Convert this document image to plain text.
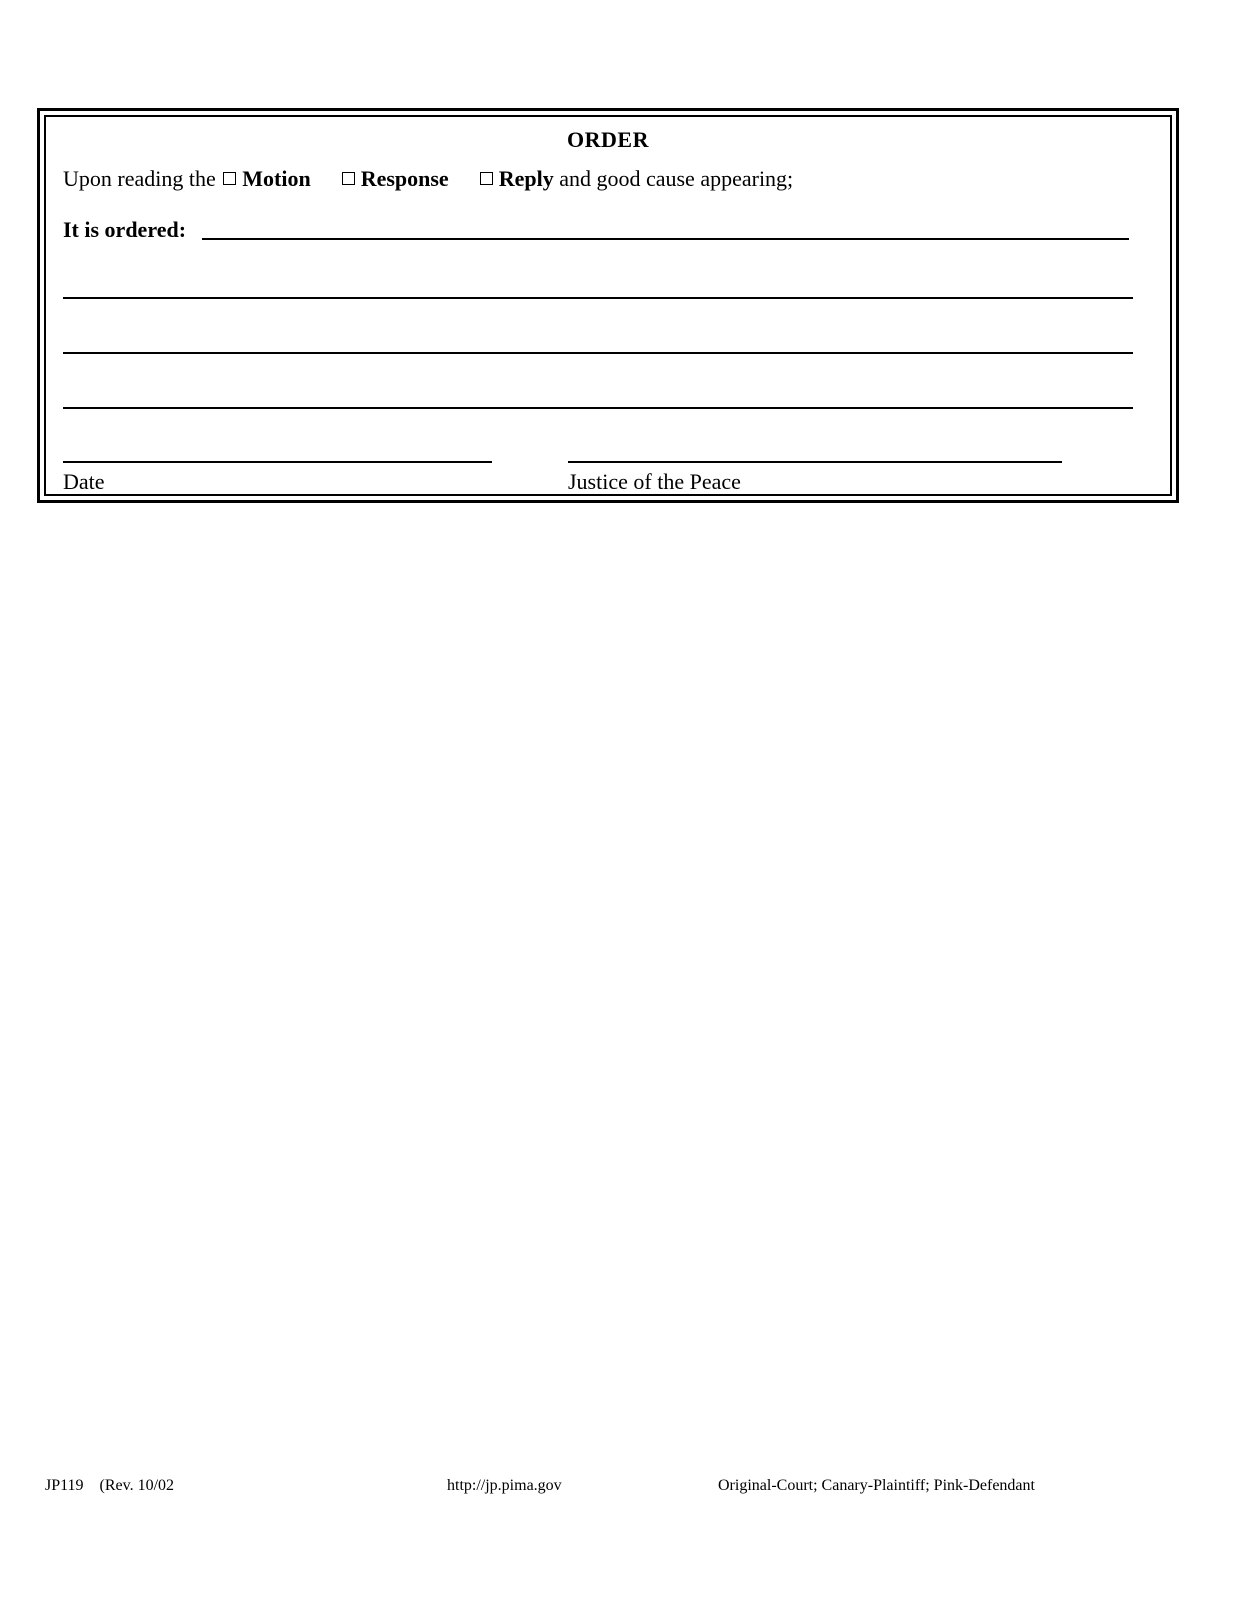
ORDER
Upon reading the Motion Response Reply and good cause appearing;
It is ordered:
Date	Justice of the Peace
JP119 (Rev. 10/02	http://jp.pima.gov	Original-Court; Canary-Plaintiff; Pink-Defendant
